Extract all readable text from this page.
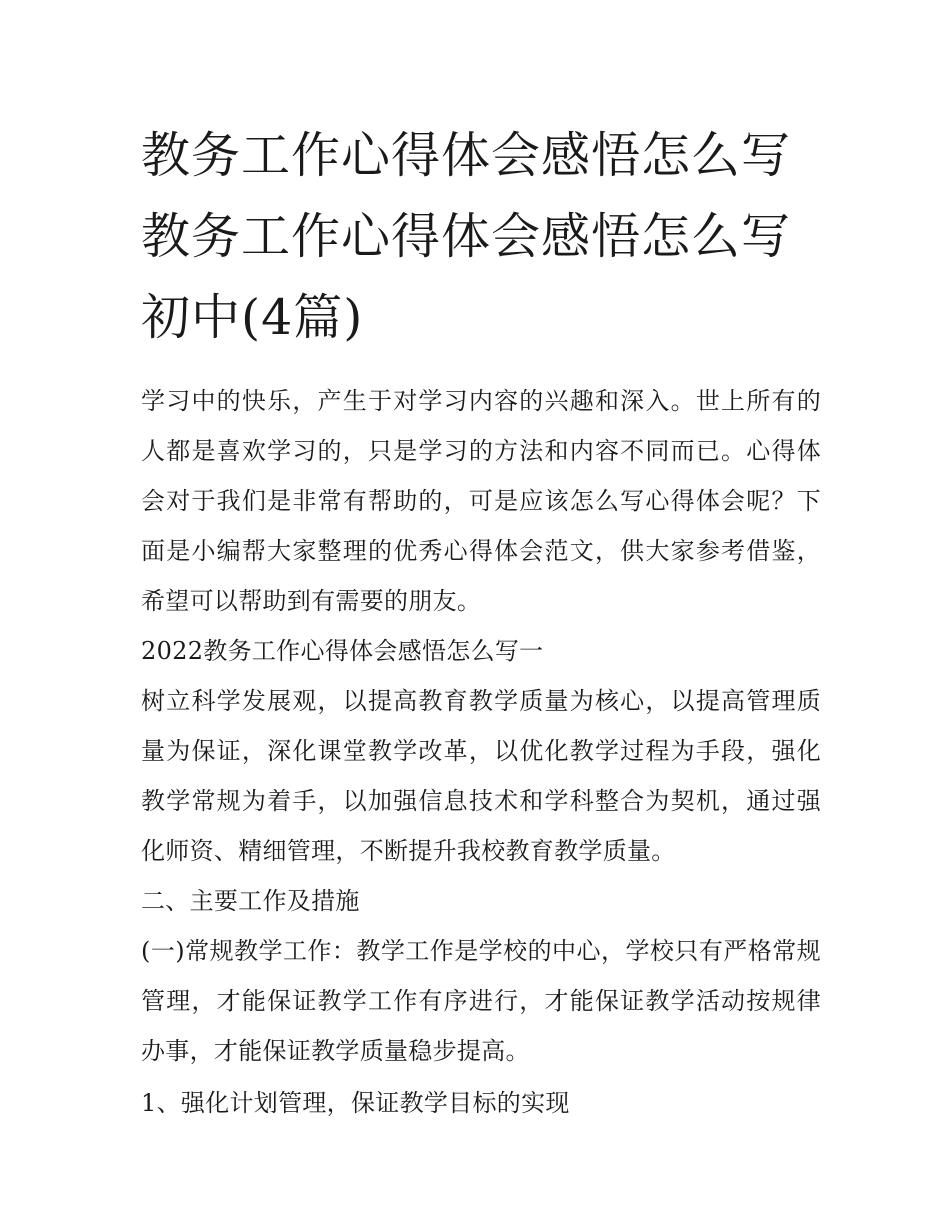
教务工作心得体会感悟怎么写教务工作心得体会感悟怎么写初中(4篇)

学习中的快乐，产生于对学习内容的兴趣和深入。世上所有的人都是喜欢学习的，只是学习的方法和内容不同而已。心得体会对于我们是非常有帮助的，可是应该怎么写心得体会呢？下面是小编帮大家整理的优秀心得体会范文，供大家参考借鉴，希望可以帮助到有需要的朋友。

2022教务工作心得体会感悟怎么写一

树立科学发展观，以提高教育教学质量为核心，以提高管理质量为保证，深化课堂教学改革，以优化教学过程为手段，强化教学常规为着手，以加强信息技术和学科整合为契机，通过强化师资、精细管理，不断提升我校教育教学质量。

二、主要工作及措施

(一)常规教学工作：教学工作是学校的中心，学校只有严格常规管理，才能保证教学工作有序进行，才能保证教学活动按规律办事，才能保证教学质量稳步提高。

1、强化计划管理，保证教学目标的实现
